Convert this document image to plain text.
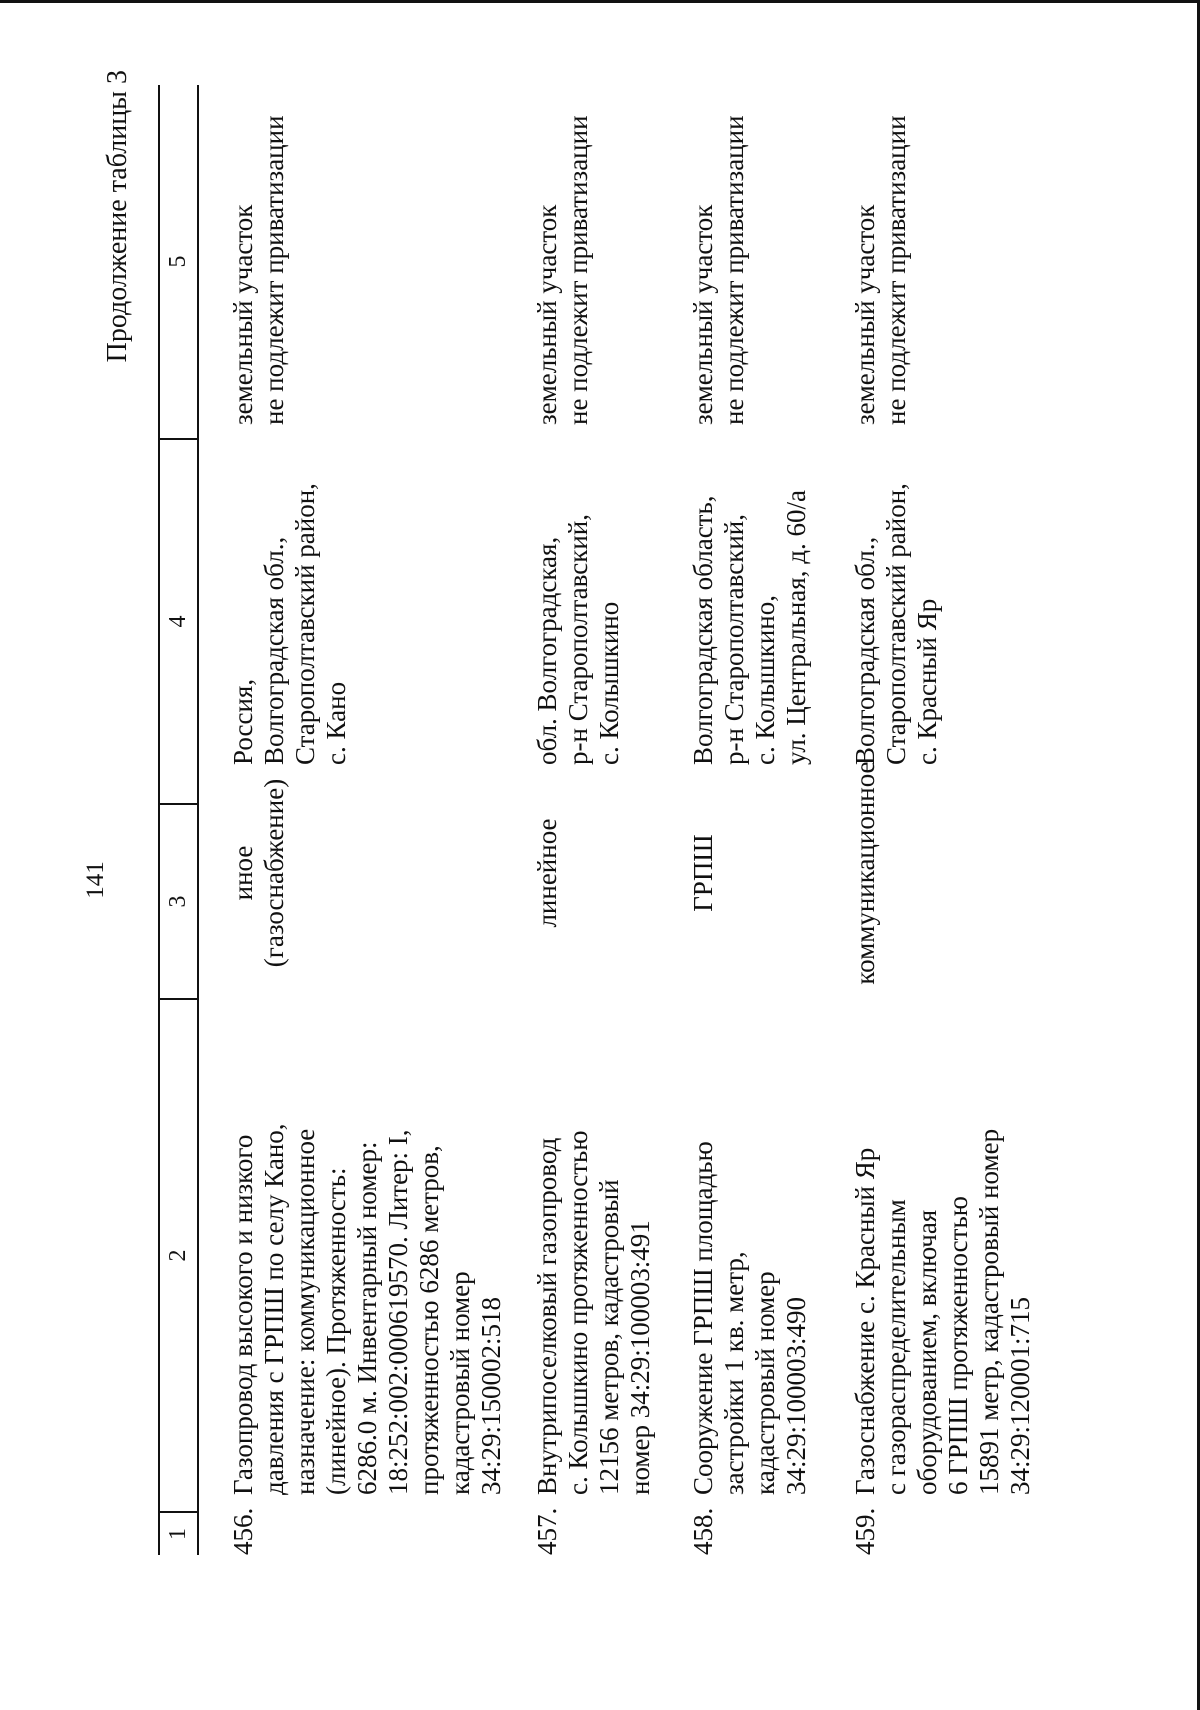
141
Продолжение таблицы 3
1
2
3
4
5
456.
Газопровод высокого и низкого
давления с ГРПШ по селу Кано,
назначение: коммуникационное
(линейное). Протяженность:
6286.0 м. Инвентарный номер:
18:252:002:000619570. Литер: I,
протяженностью 6286 метров,
кадастровый номер
34:29:150002:518
иное
(газоснабжение)
Россия,
Волгоградская обл.,
Старополтавский район,
с. Кано
земельный участок
не подлежит приватизации
457.
Внутрипоселковый газопровод
с. Колышкино протяженностью
12156 метров, кадастровый
номер 34:29:100003:491
линейное
обл. Волгоградская,
р-н Старополтавский,
с. Колышкино
земельный участок
не подлежит приватизации
458.
Сооружение ГРПШ площадью
застройки 1 кв. метр,
кадастровый номер
34:29:100003:490
ГРПШ
Волгоградская область,
р-н Старополтавский,
с. Колышкино,
ул. Центральная, д. 60/а
земельный участок
не подлежит приватизации
459.
Газоснабжение с. Красный Яр
с газораспределительным
оборудованием, включая
6 ГРПШ протяженностью
15891 метр, кадастровый номер
34:29:120001:715
коммуникационное
Волгоградская обл.,
Старополтавский район,
с. Красный Яр
земельный участок
не подлежит приватизации
